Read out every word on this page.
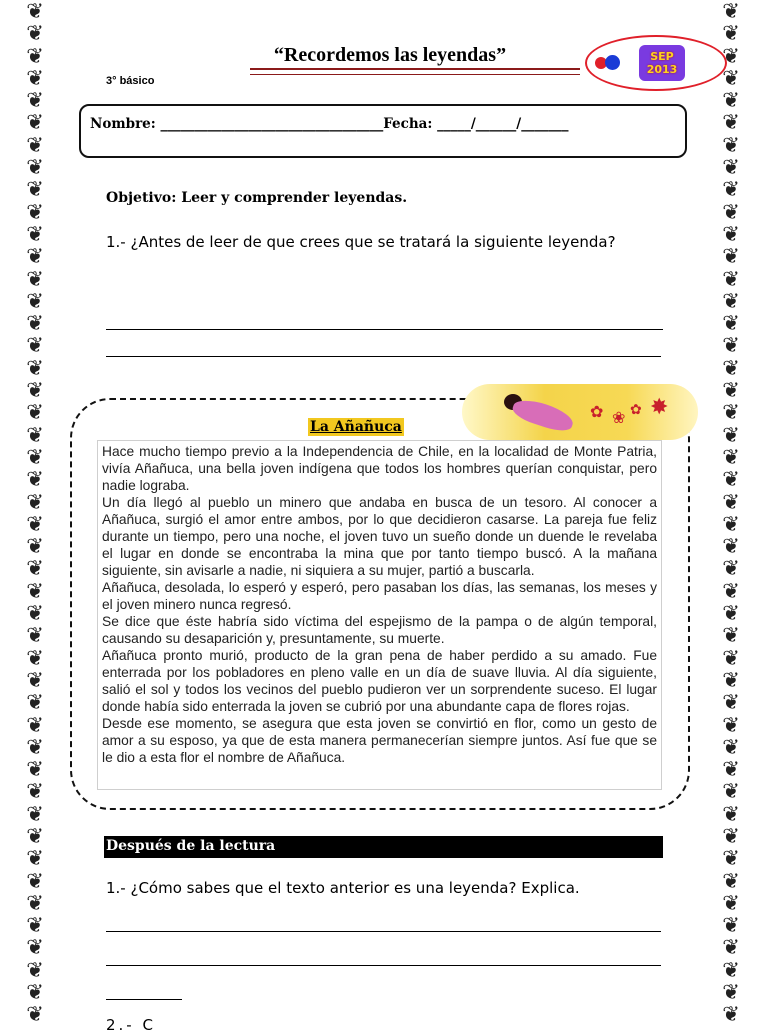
❦
❦
❦
❦
❦
❦
❦
❦
❦
❦
❦
❦
❦
❦
❦
❦
❦
❦
❦
❦
❦
❦
❦
❦
❦
❦
❦
❦
❦
❦
❦
❦
❦
❦
❦
❦
❦
❦
❦
❦
❦
❦
❦
❦
❦
❦
❦
❦
❦
❦
❦
❦
❦
❦
❦
❦
❦
❦
❦
❦
❦
❦
❦
❦
❦
❦
❦
❦
❦
❦
❦
❦
❦
❦
❦
❦
❦
❦
❦
❦
❦
❦
❦
❦
❦
❦
❦
❦
❦
❦
❦
❦
“Recordemos las leyendas”
3° básico
SEP
2013
Nombre: _________________________________Fecha: _____/______/_______
Objetivo: Leer y comprender leyendas.
1.- ¿Antes de leer de que crees que se tratará la siguiente leyenda?
✿ ❀ ✿ ✸
La Añañuca

Hace mucho tiempo previo a la Independencia de Chile, en la localidad de Monte Patria, vivía Añañuca, una bella joven indígena que todos los hombres querían conquistar, pero nadie lograba.

Un día llegó al pueblo un minero que andaba en busca de un tesoro. Al conocer a Añañuca, surgió el amor entre ambos, por lo que decidieron casarse. La pareja fue feliz durante un tiempo, pero una noche, el joven tuvo un sueño donde un duende le revelaba el lugar en donde se encontraba la mina que por tanto tiempo buscó. A la mañana siguiente, sin avisarle a nadie, ni siquiera a su mujer, partió a buscarla.

Añañuca, desolada, lo esperó y esperó, pero pasaban los días, las semanas, los meses y el joven minero nunca regresó.

Se dice que éste habría sido víctima del espejismo de la pampa o de algún temporal, causando su desaparición y, presuntamente, su muerte.

Añañuca pronto murió, producto de la gran pena de haber perdido a su amado. Fue enterrada por los pobladores en pleno valle en un día de suave lluvia. Al día siguiente, salió el sol y todos los vecinos del pueblo pudieron ver un sorprendente suceso. El lugar donde había sido enterrada la joven se cubrió por una abundante capa de flores rojas.

Desde ese momento, se asegura que esta joven se convirtió en flor, como un gesto de amor a su esposo, ya que de esta manera permanecerían siempre juntos. Así fue que se le dio a esta flor el nombre de Añañuca.

Después de la lectura
1.- ¿Cómo sabes que el texto anterior es una leyenda? Explica.
2.- C
